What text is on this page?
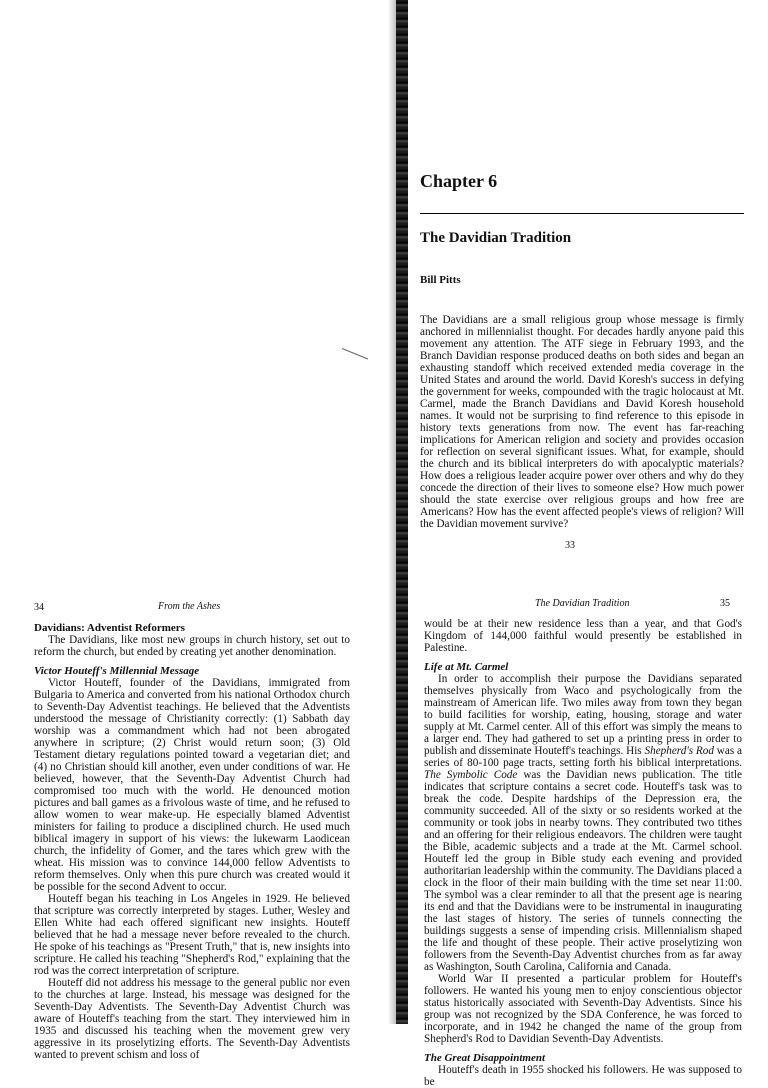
Chapter 6
The Davidian Tradition
Bill Pitts

The Davidians are a small religious group whose message is firmly anchored in millennialist thought. For decades hardly anyone paid this movement any attention. The ATF siege in February 1993, and the Branch Davidian response produced deaths on both sides and began an exhausting standoff which received extended media coverage in the United States and around the world. David Koresh's success in defying the government for weeks, compounded with the tragic holocaust at Mt. Carmel, made the Branch Davidians and David Koresh household names. It would not be surprising to find reference to this episode in history texts generations from now. The event has far-reaching implications for American religion and society and provides occasion for reflection on several significant issues. What, for example, should the church and its biblical interpreters do with apocalyptic materials? How does a religious leader acquire power over others and why do they concede the direction of their lives to someone else? How much power should the state exercise over religious groups and how free are Americans? How has the event affected people's views of religion? Will the Davidian movement survive?

33
34	From the Ashes

Davidians: Adventist Reformers

The Davidians, like most new groups in church history, set out to reform the church, but ended by creating yet another denomination.

Victor Houteff's Millennial Message

Victor Houteff, founder of the Davidians, immigrated from Bulgaria to America and converted from his national Orthodox church to Seventh-Day Adventist teachings. He believed that the Adventists understood the message of Christianity correctly: (1) Sabbath day worship was a commandment which had not been abrogated anywhere in scripture; (2) Christ would return soon; (3) Old Testament dietary regulations pointed toward a vegetarian diet; and (4) no Christian should kill another, even under conditions of war. He believed, however, that the Seventh-Day Adventist Church had compromised too much with the world. He denounced motion pictures and ball games as a frivolous waste of time, and he refused to allow women to wear make-up. He especially blamed Adventist ministers for failing to produce a disciplined church. He used much biblical imagery in support of his views: the lukewarm Laodicean church, the infidelity of Gomer, and the tares which grew with the wheat. His mission was to convince 144,000 fellow Adventists to reform themselves. Only when this pure church was created would it be possible for the second Advent to occur.

Houteff began his teaching in Los Angeles in 1929. He believed that scripture was correctly interpreted by stages. Luther, Wesley and Ellen White had each offered significant new insights. Houteff believed that he had a message never before revealed to the church. He spoke of his teachings as "Present Truth," that is, new insights into scripture. He called his teaching "Shepherd's Rod," explaining that the rod was the correct interpretation of scripture.

Houteff did not address his message to the general public nor even to the churches at large. Instead, his message was designed for the Seventh-Day Adventists. The Seventh-Day Adventist Church was aware of Houteff's teaching from the start. They interviewed him in 1935 and discussed his teaching when the movement grew very aggressive in its proselytizing efforts. The Seventh-Day Adventists wanted to prevent schism and loss of

The Davidian Tradition	35

would be at their new residence less than a year, and that God's Kingdom of 144,000 faithful would presently be established in Palestine.

Life at Mt. Carmel

In order to accomplish their purpose the Davidians separated themselves physically from Waco and psychologically from the mainstream of American life. Two miles away from town they began to build facilities for worship, eating, housing, storage and water supply at Mt. Carmel center. All of this effort was simply the means to a larger end. They had gathered to set up a printing press in order to publish and disseminate Houteff's teachings. His Shepherd's Rod was a series of 80-100 page tracts, setting forth his biblical interpretations. The Symbolic Code was the Davidian news publication. The title indicates that scripture contains a secret code. Houteff's task was to break the code. Despite hardships of the Depression era, the community succeeded. All of the sixty or so residents worked at the community or took jobs in nearby towns. They contributed two tithes and an offering for their religious endeavors. The children were taught the Bible, academic subjects and a trade at the Mt. Carmel school. Houteff led the group in Bible study each evening and provided authoritarian leadership within the community. The Davidians placed a clock in the floor of their main building with the time set near 11:00. The symbol was a clear reminder to all that the present age is nearing its end and that the Davidians were to be instrumental in inaugurating the last stages of history. The series of tunnels connecting the buildings suggests a sense of impending crisis. Millennialism shaped the life and thought of these people. Their active proselytizing won followers from the Seventh-Day Adventist churches from as far away as Washington, South Carolina, California and Canada.

World War II presented a particular problem for Houteff's followers. He wanted his young men to enjoy conscientious objector status historically associated with Seventh-Day Adventists. Since his group was not recognized by the SDA Conference, he was forced to incorporate, and in 1942 he changed the name of the group from Shepherd's Rod to Davidian Seventh-Day Adventists.

The Great Disappointment

Houteff's death in 1955 shocked his followers. He was supposed to be
